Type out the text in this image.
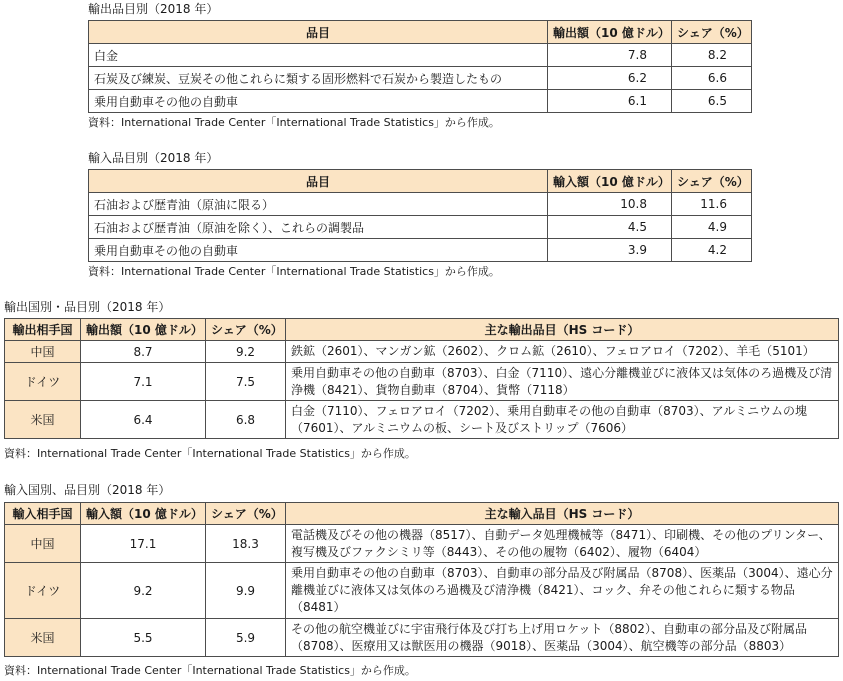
輸出品目別（2018 年）
品目	輸出額（10 億ドル）	シェア（%）
白金	7.8	8.2
石炭及び練炭、豆炭その他これらに類する固形燃料で石炭から製造したもの	6.2	6.6
乗用自動車その他の自動車	6.1	6.5
資料：International Trade Center「International Trade Statistics」から作成。
輸入品目別（2018 年）
品目	輸入額（10 億ドル）	シェア（%）
石油および歴青油（原油に限る）	10.8	11.6
石油および歴青油（原油を除く）、これらの調製品	4.5	4.9
乗用自動車その他の自動車	3.9	4.2
資料：International Trade Center「International Trade Statistics」から作成。
輸出国別・品目別（2018 年）
輸出相手国	輸出額（10 億ドル）	シェア（%）	主な輸出品目（HS コード）
中国	8.7	9.2	鉄鉱（2601）、マンガン鉱（2602）、クロム鉱（2610）、フェロアロイ（7202）、羊毛（5101）
ドイツ	7.1	7.5	乗用自動車その他の自動車（8703）、白金（7110）、遠心分離機並びに液体又は気体のろ過機及び清浄機（8421）、貨物自動車（8704）、貨幣（7118）
米国	6.4	6.8	白金（7110）、フェロアロイ（7202）、乗用自動車その他の自動車（8703）、アルミニウムの塊（7601）、アルミニウムの板、シート及びストリップ（7606）
資料：International Trade Center「International Trade Statistics」から作成。
輸入国別、品目別（2018 年）
輸入相手国	輸入額（10 億ドル）	シェア（%）	主な輸入品目（HS コード）
中国	17.1	18.3	電話機及びその他の機器（8517）、自動データ処理機械等（8471）、印刷機、その他のプリンター、複写機及びファクシミリ等（8443）、その他の履物（6402）、履物（6404）
ドイツ	9.2	9.9	乗用自動車その他の自動車（8703）、自動車の部分品及び附属品（8708）、医薬品（3004）、遠心分離機並びに液体又は気体のろ過機及び清浄機（8421）、コック、弁その他これらに類する物品（8481）
米国	5.5	5.9	その他の航空機並びに宇宙飛行体及び打ち上げ用ロケット（8802）、自動車の部分品及び附属品（8708）、医療用又は獣医用の機器（9018）、医薬品（3004）、航空機等の部分品（8803）
資料：International Trade Center「International Trade Statistics」から作成。
